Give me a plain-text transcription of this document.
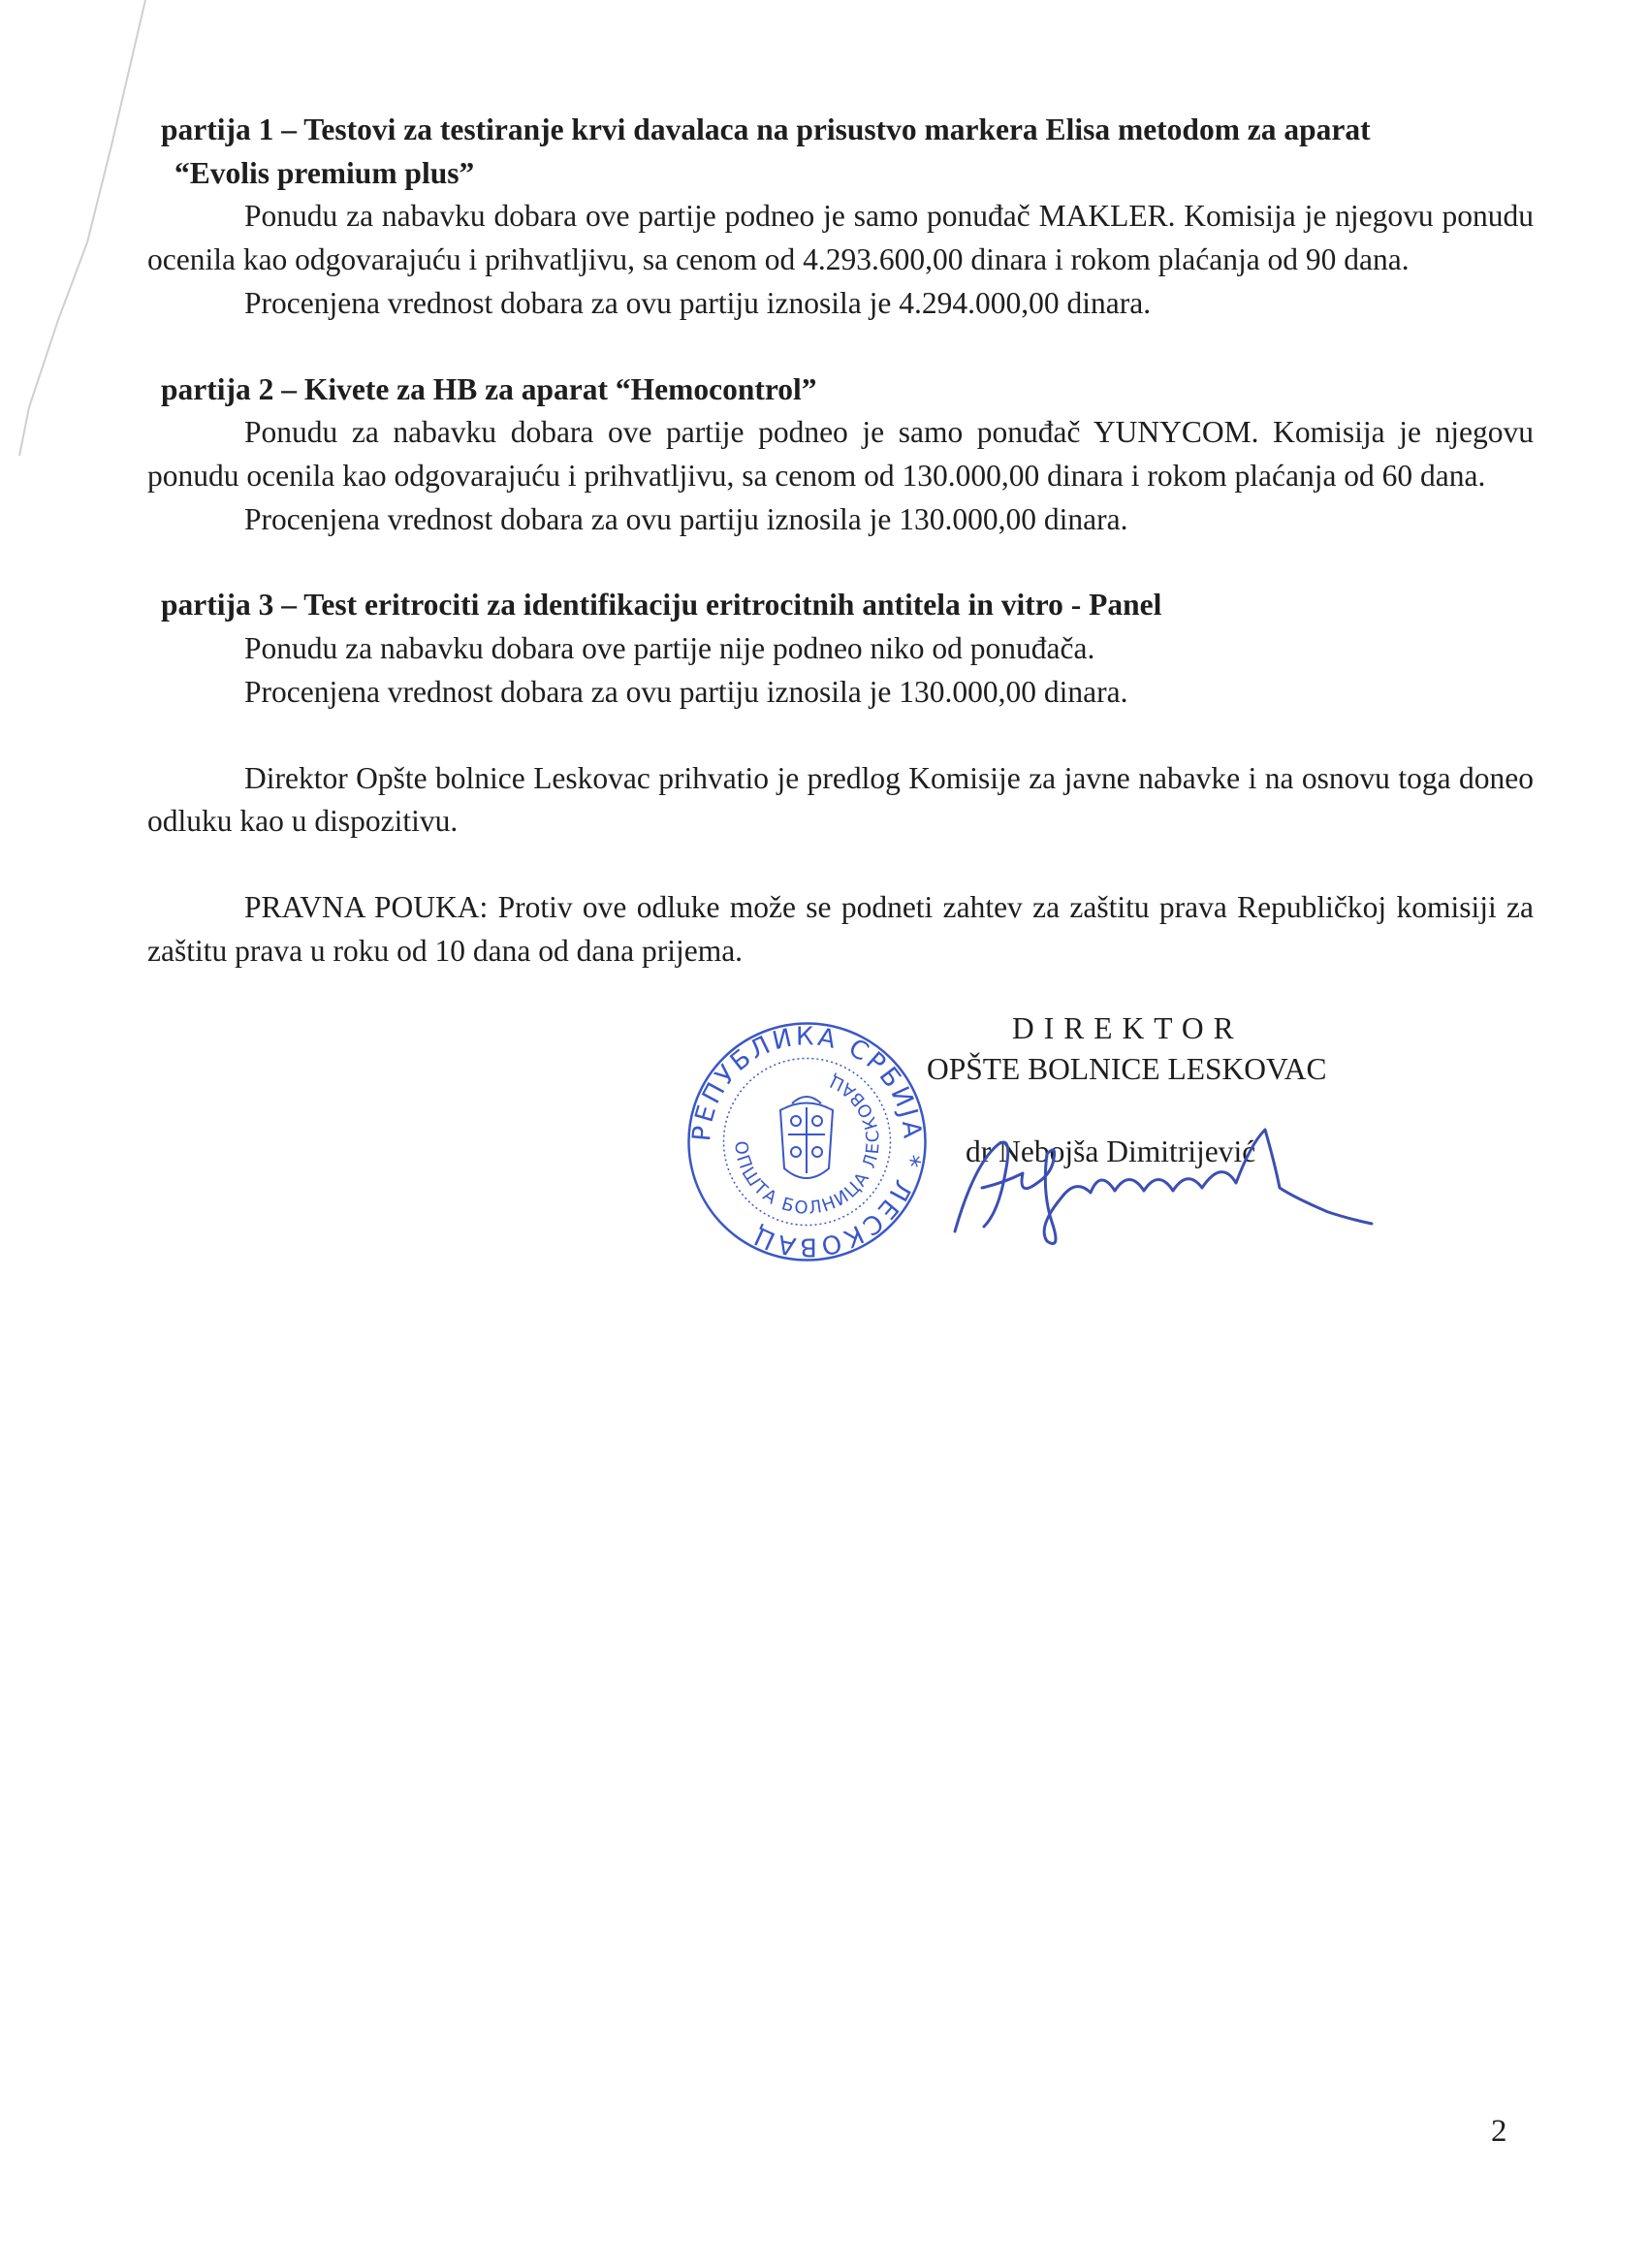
partija 1 – Testovi za testiranje krvi davalaca na prisustvo markera Elisa metodom za aparat
“Evolis premium plus”

Ponudu za nabavku dobara ove partije podneo je samo ponuđač MAKLER. Komisija je njegovu ponudu ocenila kao odgovarajuću i prihvatljivu, sa cenom od 4.293.600,00 dinara i rokom plaćanja od 90 dana.

Procenjena vrednost dobara za ovu partiju iznosila je 4.294.000,00 dinara.

partija 2 – Kivete za HB za aparat “Hemocontrol”

Ponudu za nabavku dobara ove partije podneo je samo ponuđač YUNYCOM. Komisija je njegovu ponudu ocenila kao odgovarajuću i prihvatljivu, sa cenom od 130.000,00 dinara i rokom plaćanja od 60 dana.

Procenjena vrednost dobara za ovu partiju iznosila je 130.000,00 dinara.

partija 3 – Test eritrociti za identifikaciju eritrocitnih antitela in vitro - Panel

Ponudu za nabavku dobara ove partije nije podneo niko od ponuđača.

Procenjena vrednost dobara za ovu partiju iznosila je 130.000,00 dinara.

Direktor Opšte bolnice Leskovac prihvatio je predlog Komisije za javne nabavke i na osnovu toga doneo odluku kao u dispozitivu.

PRAVNA POUKA: Protiv ove odluke može se podneti zahtev za zaštitu prava Republičkoj komisiji za zaštitu prava u roku od 10 dana od dana prijema.

РЕПУБЛИКА СРБИЈА * ЛЕСКОВАЦ
ОПШТА БОЛНИЦА ЛЕСКОВАЦ
DIREKTOR
OPŠTE BOLNICE LESKOVAC
dr Nebojša Dimitrijević
2
